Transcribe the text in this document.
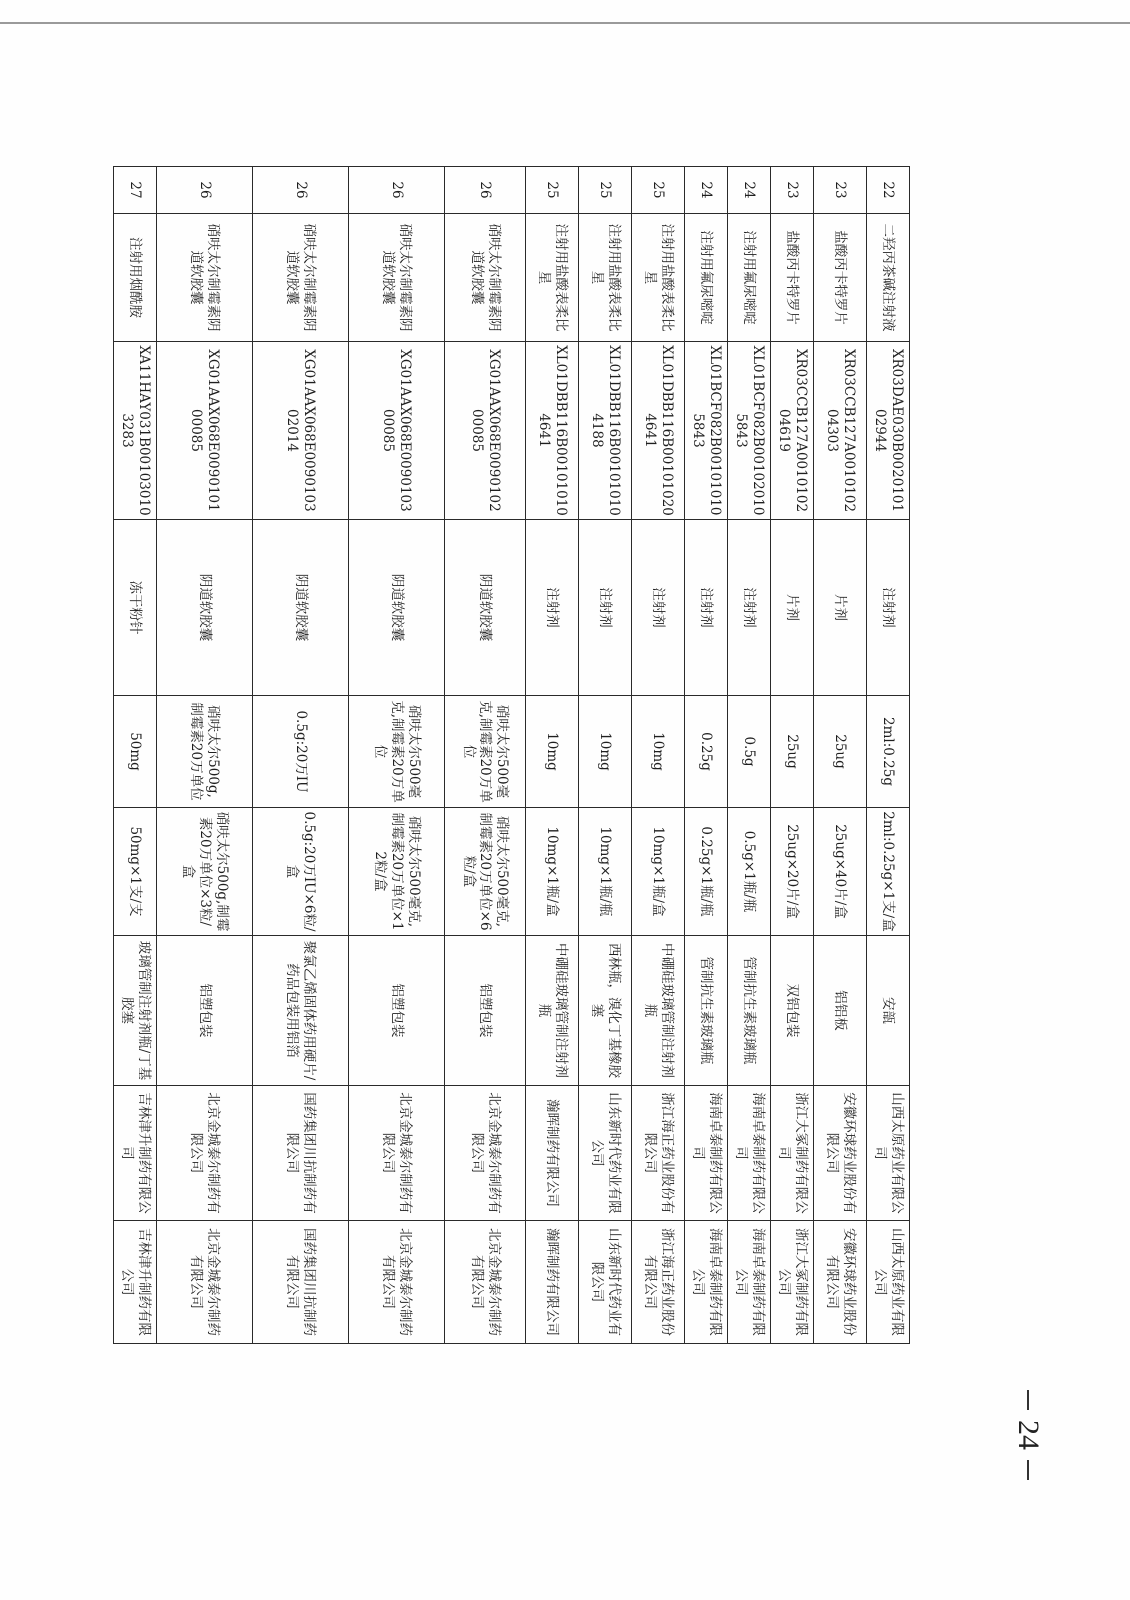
22	二羟丙茶碱注射液	XR03DAE030B002010102944	注射剂	2ml:0.25g	2ml:0.25g×1支/盒	安瓿	山西太原药业有限公司	山西太原药业有限公司
23	盐酸丙卡特罗片	XR03CCB127A001010204303	片剂	25ug	25ug×40片/盒	铝铝板	安徽环球药业股份有限公司	安徽环球药业股份有限公司
23	盐酸丙卡特罗片	XR03CCB127A001010204619	片剂	25ug	25ug×20片/盒	双铝包装	浙江大冢制药有限公司	浙江大冢制药有限公司
24	注射用氟尿嘧啶	XL01BCF082B001020105843	注射剂	0.5g	0.5g×1瓶/瓶	管制抗生素玻璃瓶	海南卓泰制药有限公司	海南卓泰制药有限公司
24	注射用氟尿嘧啶	XL01BCF082B001010105843	注射剂	0.25g	0.25g×1瓶/瓶	管制抗生素玻璃瓶	海南卓泰制药有限公司	海南卓泰制药有限公司
25	注射用盐酸表柔比星	XL01DBB116B001010204641	注射剂	10mg	10mg×1瓶/盒	中硼硅玻璃管制注射剂瓶	浙江海正药业股份有限公司	浙江海正药业股份有限公司
25	注射用盐酸表柔比星	XL01DBB116B001010104188	注射剂	10mg	10mg×1瓶/瓶	西林瓶，溴化丁基橡胶塞	山东新时代药业有限公司	山东新时代药业有限公司
25	注射用盐酸表柔比星	XL01DBB116B001010104641	注射剂	10mg	10mg×1瓶/盒	中硼硅玻璃管制注射剂瓶	瀚晖制药有限公司	瀚晖制药有限公司
26	硝呋太尔制霉素阴道软胶囊	XG01AAX068E009010200085	阴道软胶囊	硝呋太尔500毫克,制霉素20万单位	硝呋太尔500毫克,制霉素20万单位×6粒/盒	铝塑包装	北京金城泰尔制药有限公司	北京金城泰尔制药有限公司
26	硝呋太尔制霉素阴道软胶囊	XG01AAX068E009010300085	阴道软胶囊	硝呋太尔500毫克,制霉素20万单位	硝呋太尔500毫克,制霉素20万单位×12粒/盒	铝塑包装	北京金城泰尔制药有限公司	北京金城泰尔制药有限公司
26	硝呋太尔制霉素阴道软胶囊	XG01AAX068E009010302014	阴道软胶囊	0.5g:20万IU	0.5g:20万IU×6粒/盒	聚氯乙烯固体药用硬片/药品包装用铝箔	国药集团川抗制药有限公司	国药集团川抗制药有限公司
26	硝呋太尔制霉素阴道软胶囊	XG01AAX068E009010100085	阴道软胶囊	硝呋太尔500g,制霉素20万单位	硝呋太尔500g,制霉素20万单位×3粒/盒	铝塑包装	北京金城泰尔制药有限公司	北京金城泰尔制药有限公司
27	注射用烟酰胺	XA11HAY031B001030103283	冻干粉针	50mg	50mg×1支/支	玻璃管制注射剂瓶/丁基胶塞	吉林津升制药有限公司	吉林津升制药有限公司
24
